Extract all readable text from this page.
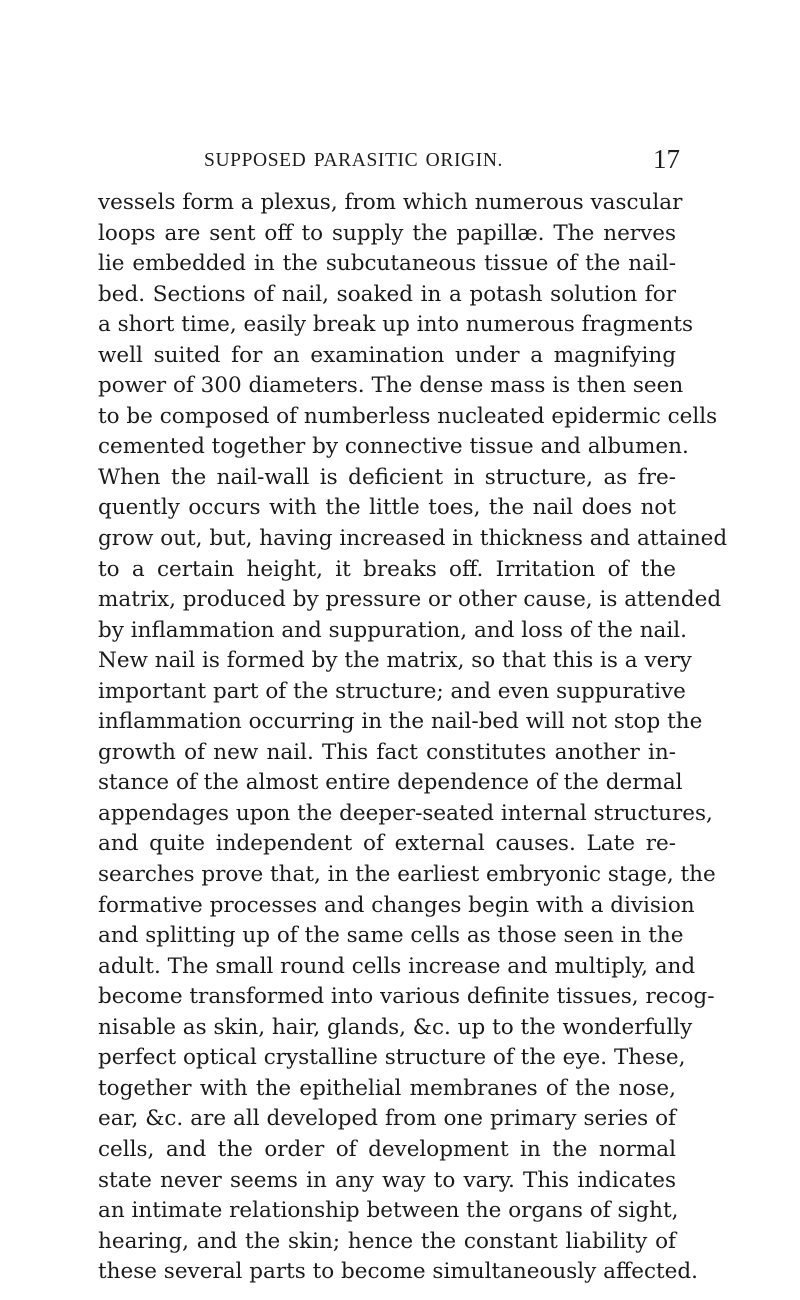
SUPPOSED PARASITIC ORIGIN.	17
vessels form a plexus, from which numerous vascular
loops are sent off to supply the papillæ. The nerves
lie embedded in the subcutaneous tissue of the nail-
bed. Sections of nail, soaked in a potash solution for
a short time, easily break up into numerous fragments
well suited for an examination under a magnifying
power of 300 diameters. The dense mass is then seen
to be composed of numberless nucleated epidermic cells
cemented together by connective tissue and albumen.
When the nail-wall is deficient in structure, as fre-
quently occurs with the little toes, the nail does not
grow out, but, having increased in thickness and attained
to a certain height, it breaks off. Irritation of the
matrix, produced by pressure or other cause, is attended
by inflammation and suppuration, and loss of the nail.
New nail is formed by the matrix, so that this is a very
important part of the structure; and even suppurative
inflammation occurring in the nail-bed will not stop the
growth of new nail. This fact constitutes another in-
stance of the almost entire dependence of the dermal
appendages upon the deeper-seated internal structures,
and quite independent of external causes. Late re-
searches prove that, in the earliest embryonic stage, the
formative processes and changes begin with a division
and splitting up of the same cells as those seen in the
adult. The small round cells increase and multiply, and
become transformed into various definite tissues, recog-
nisable as skin, hair, glands, &c. up to the wonderfully
perfect optical crystalline structure of the eye. These,
together with the epithelial membranes of the nose,
ear, &c. are all developed from one primary series of
cells, and the order of development in the normal
state never seems in any way to vary. This indicates
an intimate relationship between the organs of sight,
hearing, and the skin; hence the constant liability of
these several parts to become simultaneously affected.
